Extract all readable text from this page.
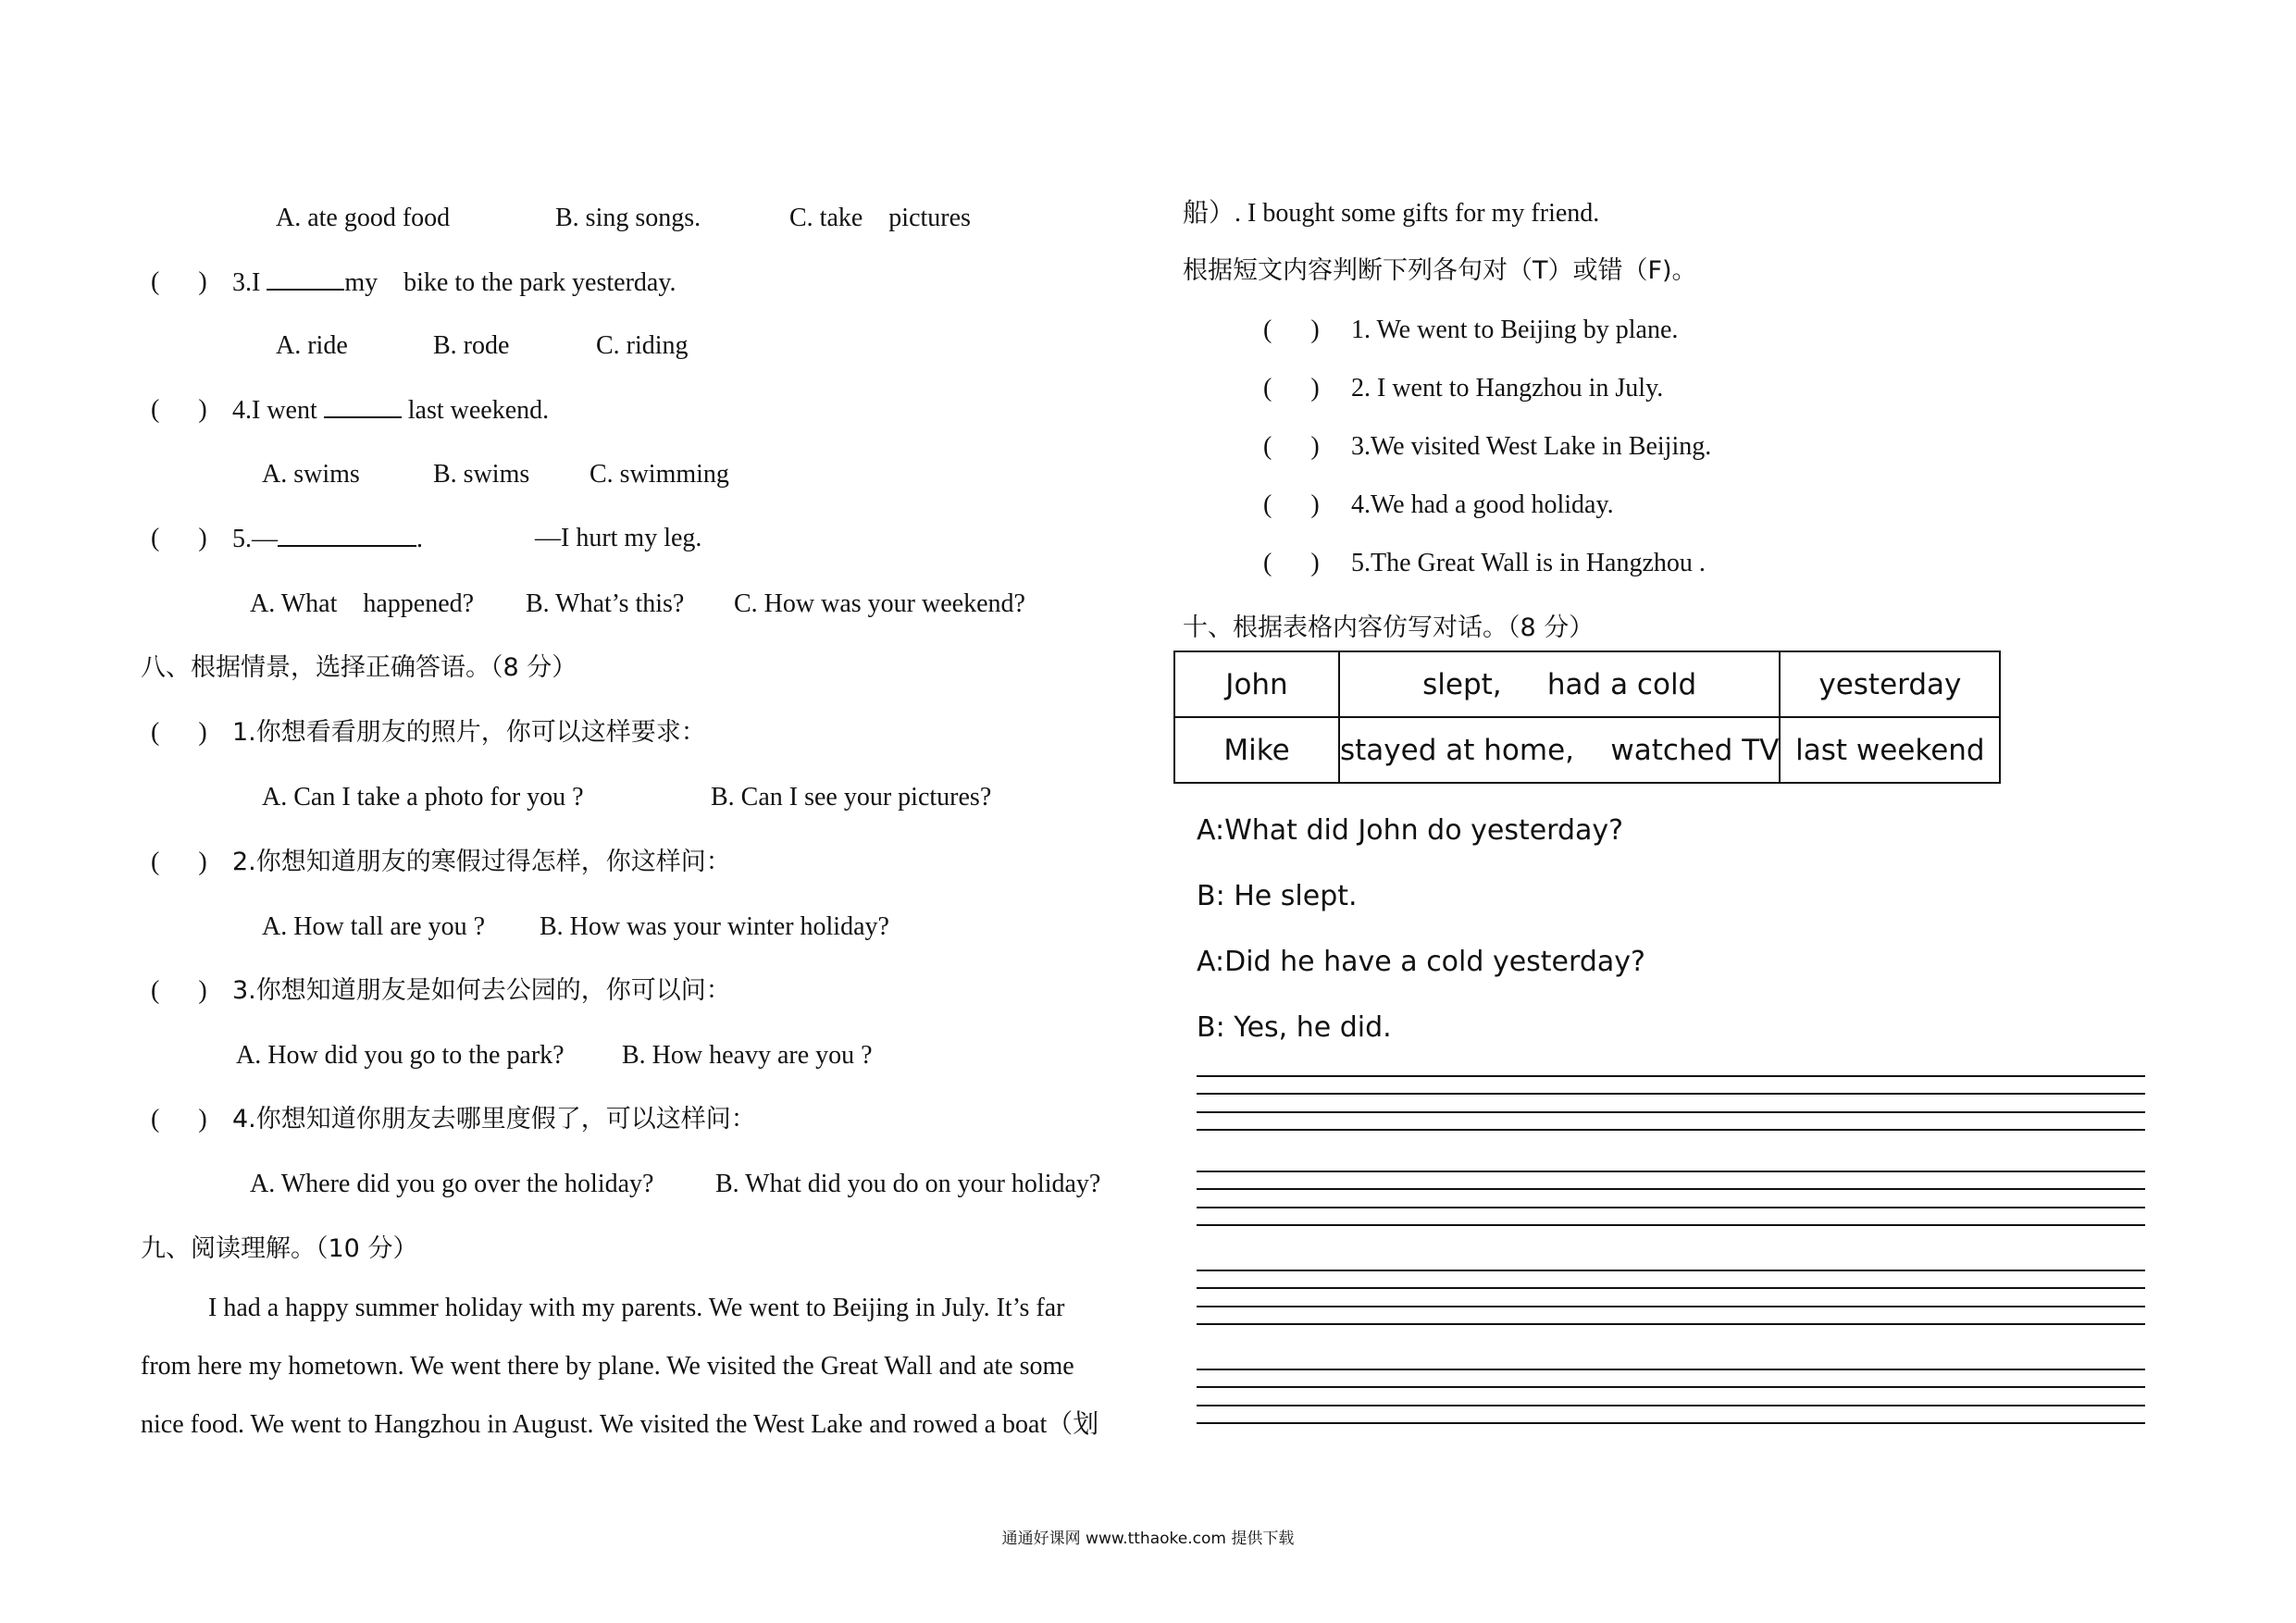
A. ate good food	B. sing songs.	C. take    pictures
(      ) 3.I	my    bike to the park yesterday.
A. ride	B. rode	C. riding
(      ) 4.I went	last weekend.
A. swims	B. swims C. swimming
(      ) 5.—	.	—I hurt my leg.
A. What    happened? B. What’s this? C. How was your weekend?
八、根据情景，选择正确答语。（8 分）
(      ) 1.你想看看朋友的照片，你可以这样要求：
A. Can I take a photo for you ?	B. Can I see your pictures?
(      ) 2.你想知道朋友的寒假过得怎样，你这样问：
A. How tall are you ? B. How was your winter holiday?
(      ) 3.你想知道朋友是如何去公园的，你可以问：
A. How did you go to the park? B. How heavy are you ?
(      ) 4.你想知道你朋友去哪里度假了，可以这样问：
A. Where did you go over the holiday? B. What did you do on your holiday?
九、阅读理解。（10 分）
I had a happy summer holiday with my parents. We went to Beijing in July. It’s far
from here my hometown. We went there by plane. We visited the Great Wall and ate some
nice food. We went to Hangzhou in August. We visited the West Lake and rowed a boat（划
船）. I bought some gifts for my friend.
根据短文内容判断下列各句对（T）或错（F)。
(      ) 1. We went to Beijing by plane.
(      ) 2. I went to Hangzhou in July.
(      ) 3.We visited West Lake in Beijing.
(      ) 4.We had a good holiday.
(      ) 5.The Great Wall is in Hangzhou .
十、根据表格内容仿写对话。（8 分）
John	slept,     had a cold	yesterday
Mike	stayed at home,    watched TV	last weekend
A:What did John do yesterday?
B: He slept.
A:Did he have a cold yesterday?
B: Yes, he did.
通通好课网 www.tthaoke.com 提供下载
